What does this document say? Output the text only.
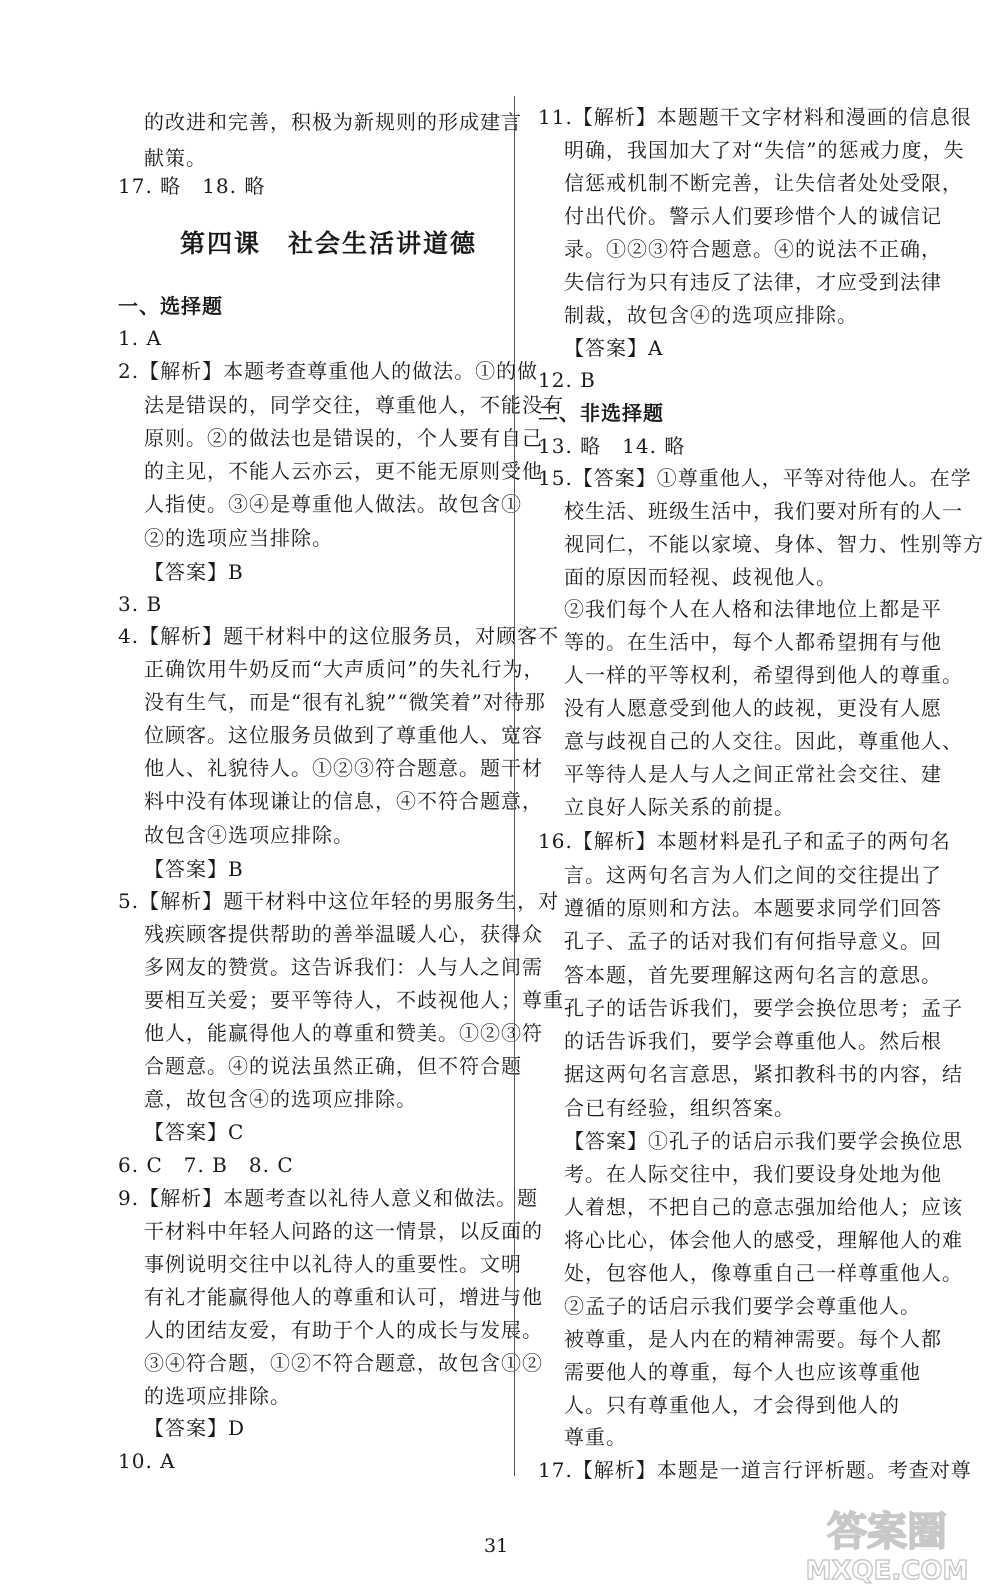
的改进和完善，积极为新规则的形成建言
献策。
17. 略　18. 略
第四课　社会生活讲道德
一、选择题
1. A
2.【解析】本题考查尊重他人的做法。①的做
法是错误的，同学交往，尊重他人，不能没有
原则。②的做法也是错误的，个人要有自己
的主见，不能人云亦云，更不能无原则受他
人指使。③④是尊重他人做法。故包含①
②的选项应当排除。
【答案】B
3. B
4.【解析】题干材料中的这位服务员，对顾客不
正确饮用牛奶反而“大声质问”的失礼行为，
没有生气，而是“很有礼貌”“微笑着”对待那
位顾客。这位服务员做到了尊重他人、宽容
他人、礼貌待人。①②③符合题意。题干材
料中没有体现谦让的信息，④不符合题意，
故包含④选项应排除。
【答案】B
5.【解析】题干材料中这位年轻的男服务生，对
残疾顾客提供帮助的善举温暖人心，获得众
多网友的赞赏。这告诉我们：人与人之间需
要相互关爱；要平等待人，不歧视他人；尊重
他人，能赢得他人的尊重和赞美。①②③符
合题意。④的说法虽然正确，但不符合题
意，故包含④的选项应排除。
【答案】C
6. C　7. B　8. C
9.【解析】本题考查以礼待人意义和做法。题
干材料中年轻人问路的这一情景，以反面的
事例说明交往中以礼待人的重要性。文明
有礼才能赢得他人的尊重和认可，增进与他
人的团结友爱，有助于个人的成长与发展。
③④符合题，①②不符合题意，故包含①②
的选项应排除。
【答案】D
10. A
11.【解析】本题题干文字材料和漫画的信息很
明确，我国加大了对“失信”的惩戒力度，失
信惩戒机制不断完善，让失信者处处受限，
付出代价。警示人们要珍惜个人的诚信记
录。①②③符合题意。④的说法不正确，
失信行为只有违反了法律，才应受到法律
制裁，故包含④的选项应排除。
【答案】A
12. B
二、非选择题
13. 略　14. 略
15.【答案】①尊重他人，平等对待他人。在学
校生活、班级生活中，我们要对所有的人一
视同仁，不能以家境、身体、智力、性别等方
面的原因而轻视、歧视他人。
②我们每个人在人格和法律地位上都是平
等的。在生活中，每个人都希望拥有与他
人一样的平等权利，希望得到他人的尊重。
没有人愿意受到他人的歧视，更没有人愿
意与歧视自己的人交往。因此，尊重他人、
平等待人是人与人之间正常社会交往、建
立良好人际关系的前提。
16.【解析】本题材料是孔子和孟子的两句名
言。这两句名言为人们之间的交往提出了
遵循的原则和方法。本题要求同学们回答
孔子、孟子的话对我们有何指导意义。回
答本题，首先要理解这两句名言的意思。
孔子的话告诉我们，要学会换位思考；孟子
的话告诉我们，要学会尊重他人。然后根
据这两句名言意思，紧扣教科书的内容，结
合已有经验，组织答案。
【答案】①孔子的话启示我们要学会换位思
考。在人际交往中，我们要设身处地为他
人着想，不把自己的意志强加给他人；应该
将心比心，体会他人的感受，理解他人的难
处，包容他人，像尊重自己一样尊重他人。
②孟子的话启示我们要学会尊重他人。
被尊重，是人内在的精神需要。每个人都
需要他人的尊重，每个人也应该尊重他
人。只有尊重他人，才会得到他人的
尊重。
17.【解析】本题是一道言行评析题。考查对尊
31	答案圈
MXQE.COM
